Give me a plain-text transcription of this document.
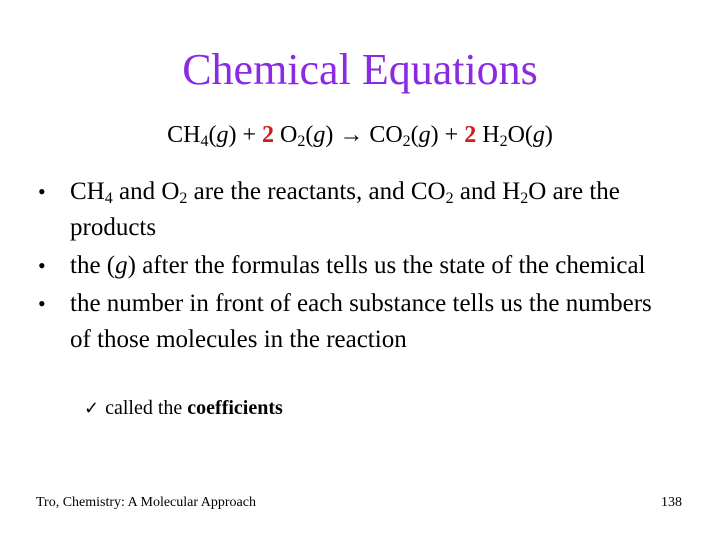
Chemical Equations
$CH_4(g) + 2$ $O_2(g) \to CO_2(g) + 2$ $H_2O(g)$
• $CH_4$ and $O_2$ are the reactants, and $CO_2$ and $H_2O$ are the products
• the (g) after the formulas tells us the state of the chemical
• the number in front of each substance tells us the numbers of those molecules in the reaction
✓ called the coefficients
Tro, Chemistry: A Molecular Approach	138
